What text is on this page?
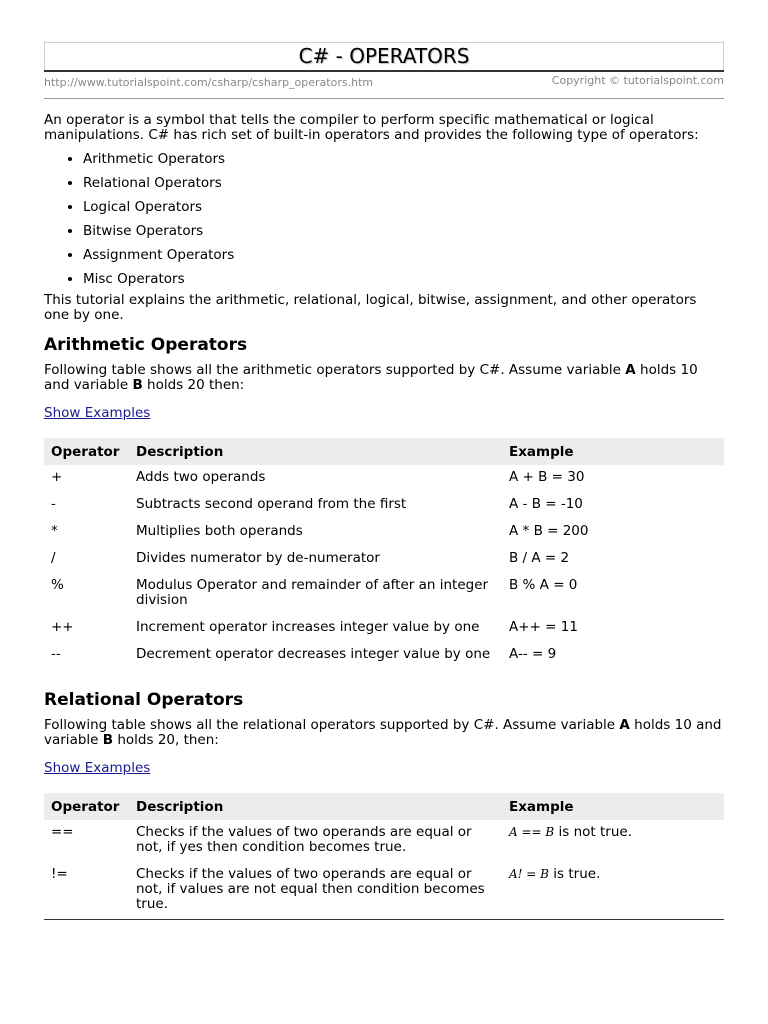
C# - OPERATORS
http://www.tutorialspoint.com/csharp/csharp_operators.htm	Copyright © tutorialspoint.com

An operator is a symbol that tells the compiler to perform specific mathematical or logical manipulations. C# has rich set of built-in operators and provides the following type of operators:

Arithmetic Operators
Relational Operators
Logical Operators
Bitwise Operators
Assignment Operators
Misc Operators

This tutorial explains the arithmetic, relational, logical, bitwise, assignment, and other operators one by one.

Arithmetic Operators

Following table shows all the arithmetic operators supported by C#. Assume variable A holds 10 and variable B holds 20 then:

Show Examples
Operator	Description	Example
+	Adds two operands	A + B = 30
-	Subtracts second operand from the first	A - B = -10
*	Multiplies both operands	A * B = 200
/	Divides numerator by de-numerator	B / A = 2
%	Modulus Operator and remainder of after an integer division	B % A = 0
++	Increment operator increases integer value by one	A++ = 11
--	Decrement operator decreases integer value by one	A-- = 9
Relational Operators

Following table shows all the relational operators supported by C#. Assume variable A holds 10 and variable B holds 20, then:

Show Examples
Operator	Description	Example
==	Checks if the values of two operands are equal or not, if yes then condition becomes true.	A == B is not true.
!=	Checks if the values of two operands are equal or not, if values are not equal then condition becomes true.	A! = B is true.
